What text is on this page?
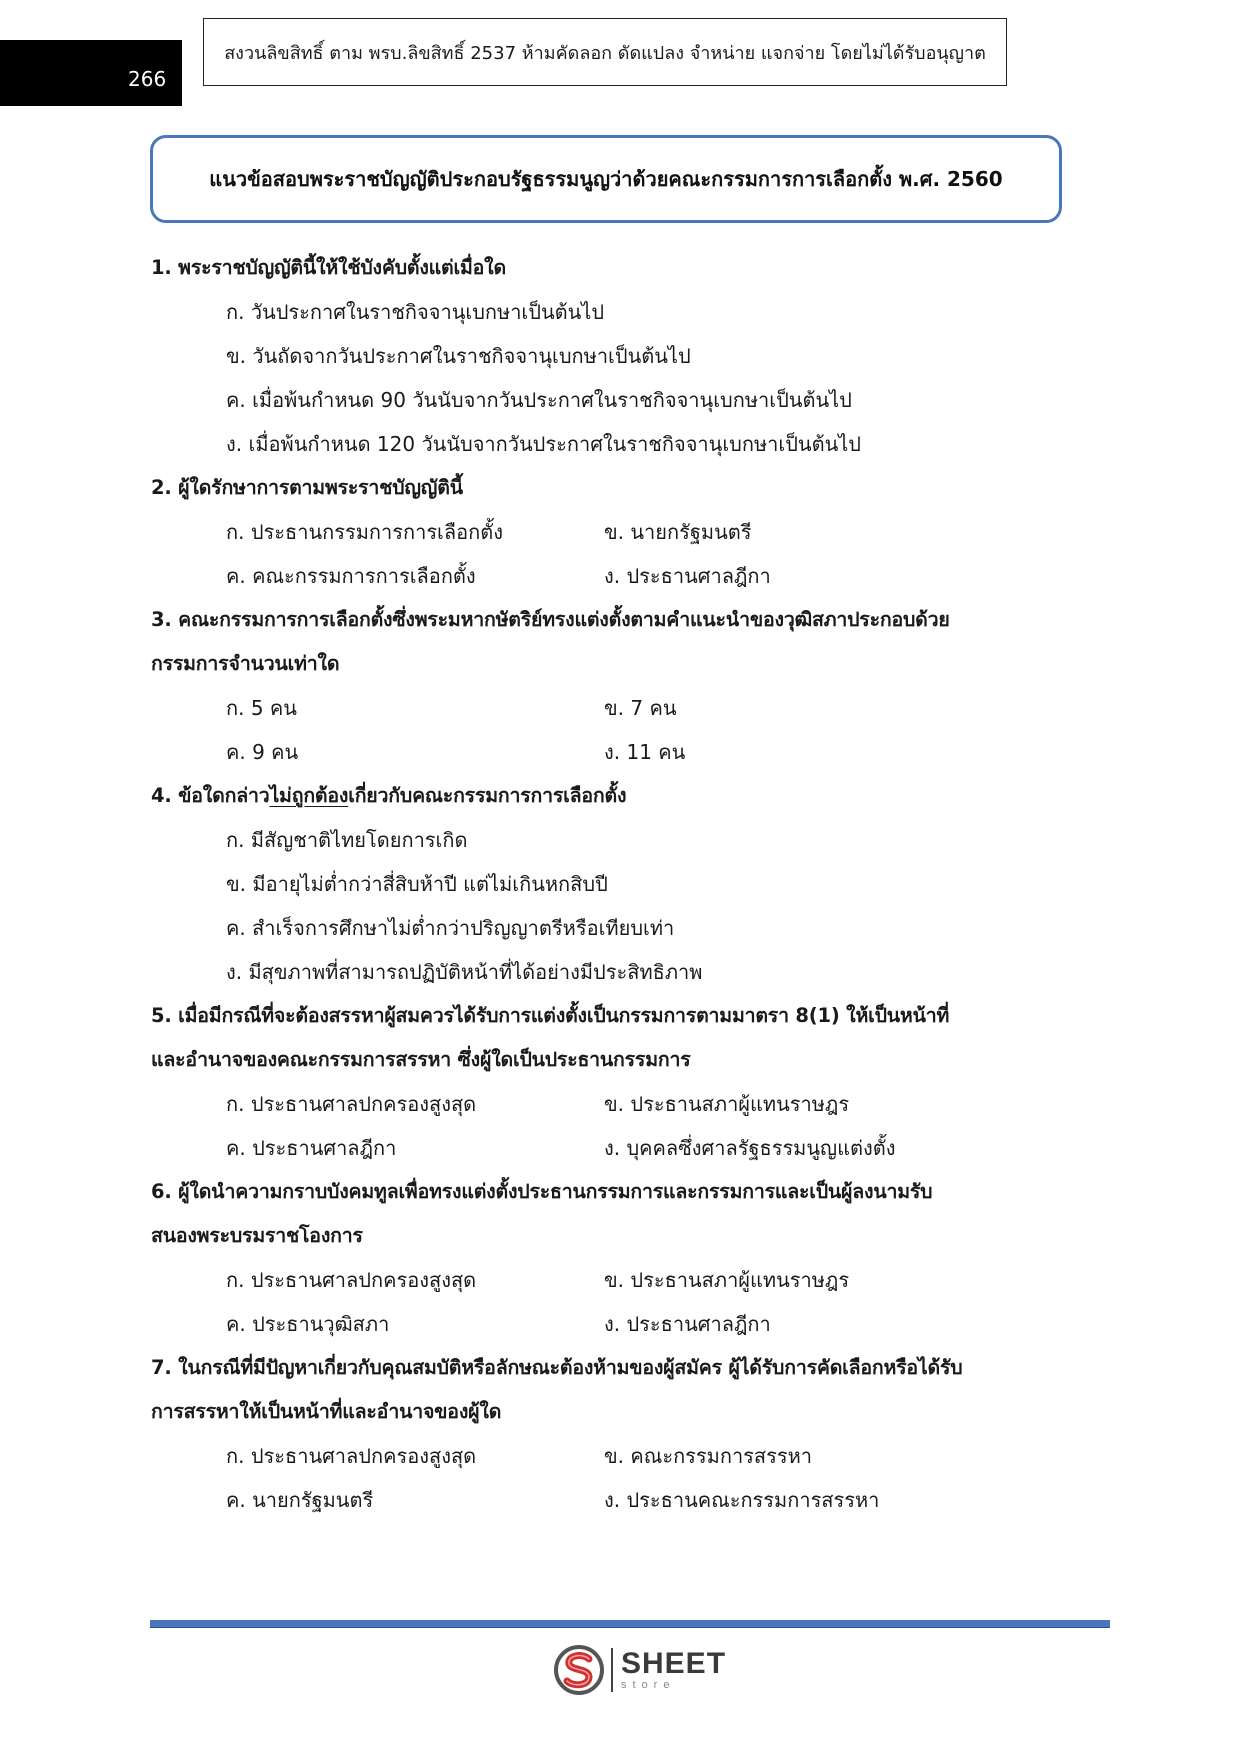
266
สงวนลิขสิทธิ์ ตาม พรบ.ลิขสิทธิ์ 2537 ห้ามคัดลอก ดัดแปลง จำหน่าย แจกจ่าย โดยไม่ได้รับอนุญาต
แนวข้อสอบพระราชบัญญัติประกอบรัฐธรรมนูญว่าด้วยคณะกรรมการการเลือกตั้ง พ.ศ. 2560
1. พระราชบัญญัตินี้ให้ใช้บังคับตั้งแต่เมื่อใด
ก. วันประกาศในราชกิจจานุเบกษาเป็นต้นไป
ข. วันถัดจากวันประกาศในราชกิจจานุเบกษาเป็นต้นไป
ค. เมื่อพ้นกำหนด 90 วันนับจากวันประกาศในราชกิจจานุเบกษาเป็นต้นไป
ง. เมื่อพ้นกำหนด 120 วันนับจากวันประกาศในราชกิจจานุเบกษาเป็นต้นไป
2. ผู้ใดรักษาการตามพระราชบัญญัตินี้
ก. ประธานกรรมการการเลือกตั้ง	ข. นายกรัฐมนตรี
ค. คณะกรรมการการเลือกตั้ง	ง. ประธานศาลฎีกา
3. คณะกรรมการการเลือกตั้งซึ่งพระมหากษัตริย์ทรงแต่งตั้งตามคำแนะนำของวุฒิสภาประกอบด้วย
กรรมการจำนวนเท่าใด
ก. 5 คน	ข. 7 คน
ค. 9 คน	ง. 11 คน
4. ข้อใดกล่าวไม่ถูกต้องเกี่ยวกับคณะกรรมการการเลือกตั้ง
ก. มีสัญชาติไทยโดยการเกิด
ข. มีอายุไม่ต่ำกว่าสี่สิบห้าปี แต่ไม่เกินหกสิบปี
ค. สำเร็จการศึกษาไม่ต่ำกว่าปริญญาตรีหรือเทียบเท่า
ง. มีสุขภาพที่สามารถปฏิบัติหน้าที่ได้อย่างมีประสิทธิภาพ
5. เมื่อมีกรณีที่จะต้องสรรหาผู้สมควรได้รับการแต่งตั้งเป็นกรรมการตามมาตรา 8(1) ให้เป็นหน้าที่
และอำนาจของคณะกรรมการสรรหา ซึ่งผู้ใดเป็นประธานกรรมการ
ก. ประธานศาลปกครองสูงสุด	ข. ประธานสภาผู้แทนราษฎร
ค. ประธานศาลฎีกา	ง. บุคคลซึ่งศาลรัฐธรรมนูญแต่งตั้ง
6. ผู้ใดนำความกราบบังคมทูลเพื่อทรงแต่งตั้งประธานกรรมการและกรรมการและเป็นผู้ลงนามรับ
สนองพระบรมราชโองการ
ก. ประธานศาลปกครองสูงสุด	ข. ประธานสภาผู้แทนราษฎร
ค. ประธานวุฒิสภา	ง. ประธานศาลฎีกา
7. ในกรณีที่มีปัญหาเกี่ยวกับคุณสมบัติหรือลักษณะต้องห้ามของผู้สมัคร ผู้ได้รับการคัดเลือกหรือได้รับ
การสรรหาให้เป็นหน้าที่และอำนาจของผู้ใด
ก. ประธานศาลปกครองสูงสุด	ข. คณะกรรมการสรรหา
ค. นายกรัฐมนตรี	ง. ประธานคณะกรรมการสรรหา
SHEET
store
